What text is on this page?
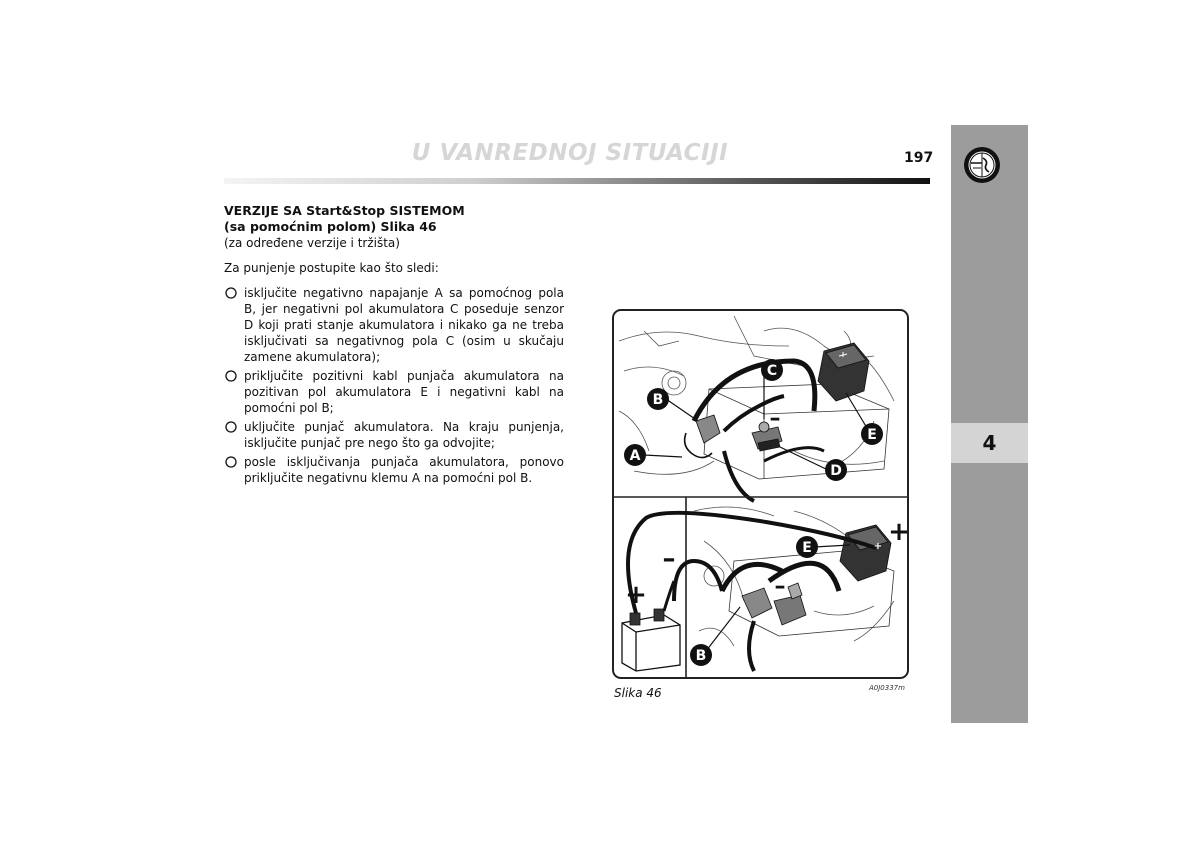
U VANREDNOJ SITUACIJI	197
4
VERZIJE SA Start&Stop SISTEMOM
(sa pomoćnim polom) Slika 46
(za određene verzije i tržišta)
Za punjenje postupite kao što sledi:
isključite negativno napajanje A sa pomoćnog pola B, jer negativni pol akumulatora C poseduje senzor D koji prati stanje akumulatora i nikako ga ne treba isključivati sa negativnog pola C (osim u skučaju zamene akumulatora);
priključite pozitivni kabl punjača akumulatora na pozitivan pol akumulatora E i negativni kabl na pomoćni pol B;
uključite punjač akumulatora. Na kraju punjenja, isključite punjač pre nego što ga odvojite;
posle isključivanja punjača akumulatora, ponovo priključite negativnu klemu A na pomoćni pol B.
B
A
C
–
D
E
E
B
–
+	–
+
+
Slika 46	A0J0337m
